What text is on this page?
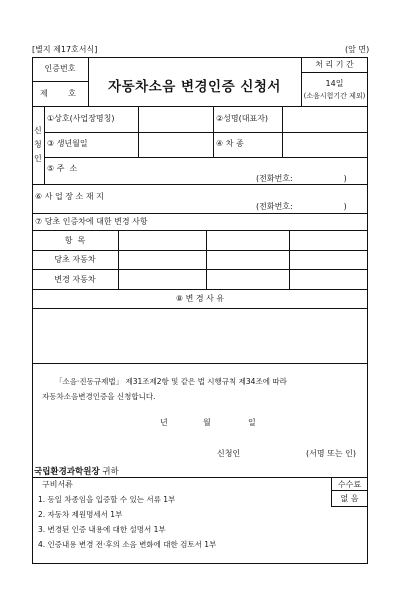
[별지 제17호서식]	(앞 면)
인증번호
제        호	자동차소음 변경인증 신청서
처 리 기 간
14일
(소음시험기간 제외)
신
청
인
①상호(사업장명칭)	②성명(대표자)
③ 생년월일	④ 차 종
⑤ 주  소
(전화번호:                    )
⑥ 사 업 장 소 재 지
(전화번호:                    )
⑦ 당초 인증차에 대한 변경 사항
항  목
당초 자동차
변경 자동차
⑧ 변 경 사 유
「소음·진동규제법」 제31조제2항 및 같은 법 시행규칙 제34조에 따라
자동차소음변경인증을 신청합니다.
년	월	일
신청인	(서명 또는 인)
국립환경과학원장 귀하
구비서류	수수료
없 음
1. 동일 차종임을 입증할 수 있는 서류 1부
2. 자동차 제원명세서 1부
3. 변경된 인증 내용에 대한 설명서 1부
4. 인증내용 변경 전·후의 소음 변화에 대한 검토서 1부
